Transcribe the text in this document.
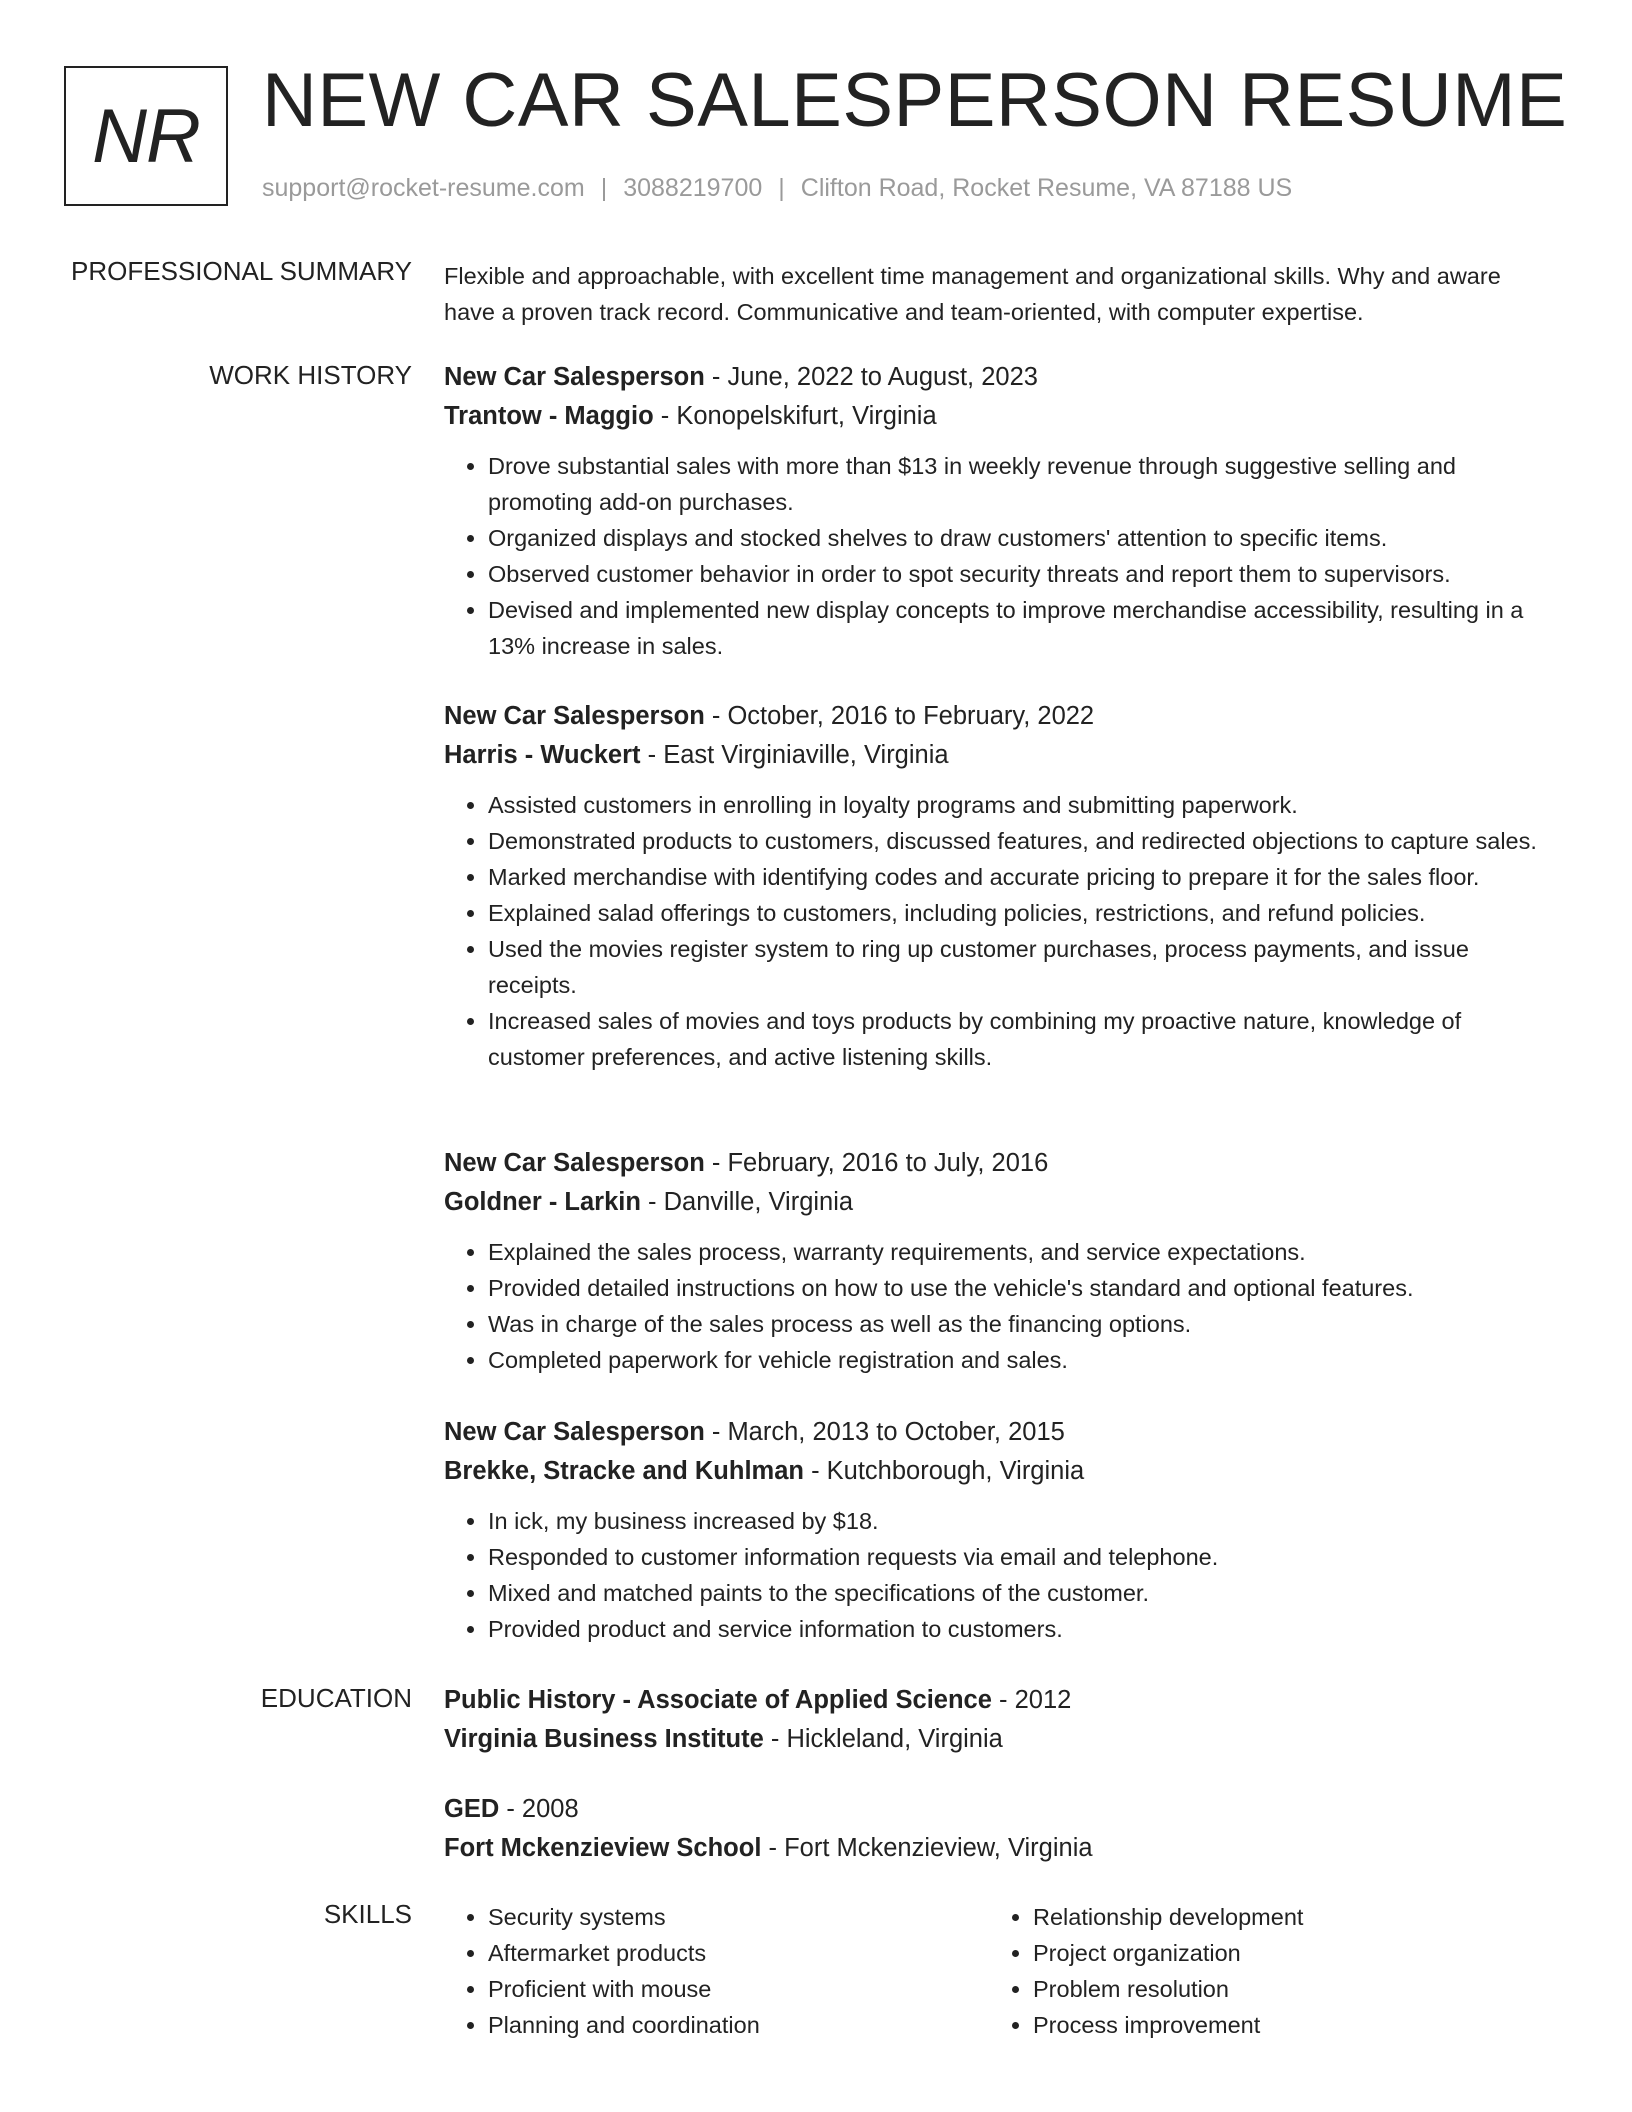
NR NEW CAR SALESPERSON RESUME
support@rocket-resume.com | 3088219700 | Clifton Road, Rocket Resume, VA 87188 US
PROFESSIONAL SUMMARY Flexible and approachable, with excellent time management and organizational skills. Why and aware have a proven track record. Communicative and team-oriented, with computer expertise.
WORK HISTORY New Car Salesperson - June, 2022 to August, 2023
Trantow - Maggio - Konopelskifurt, Virginia
• Drove substantial sales with more than $13 in weekly revenue through suggestive selling and promoting add-on purchases.
• Organized displays and stocked shelves to draw customers' attention to specific items.
• Observed customer behavior in order to spot security threats and report them to supervisors.
• Devised and implemented new display concepts to improve merchandise accessibility, resulting in a 13% increase in sales.
New Car Salesperson - October, 2016 to February, 2022
Harris - Wuckert - East Virginiaville, Virginia
• Assisted customers in enrolling in loyalty programs and submitting paperwork.
• Demonstrated products to customers, discussed features, and redirected objections to capture sales.
• Marked merchandise with identifying codes and accurate pricing to prepare it for the sales floor.
• Explained salad offerings to customers, including policies, restrictions, and refund policies.
• Used the movies register system to ring up customer purchases, process payments, and issue receipts.
• Increased sales of movies and toys products by combining my proactive nature, knowledge of customer preferences, and active listening skills.
New Car Salesperson - February, 2016 to July, 2016
Goldner - Larkin - Danville, Virginia
• Explained the sales process, warranty requirements, and service expectations.
• Provided detailed instructions on how to use the vehicle's standard and optional features.
• Was in charge of the sales process as well as the financing options.
• Completed paperwork for vehicle registration and sales.
New Car Salesperson - March, 2013 to October, 2015
Brekke, Stracke and Kuhlman - Kutchborough, Virginia
• In ick, my business increased by $18.
• Responded to customer information requests via email and telephone.
• Mixed and matched paints to the specifications of the customer.
• Provided product and service information to customers.
EDUCATION Public History - Associate of Applied Science - 2012
Virginia Business Institute - Hickleland, Virginia
GED - 2008
Fort Mckenzieview School - Fort Mckenzieview, Virginia
SKILLS
•	Security systems
• Aftermarket products
• Proficient with mouse
• Planning and coordination
• Relationship development
• Project organization
• Problem resolution
• Process improvement
